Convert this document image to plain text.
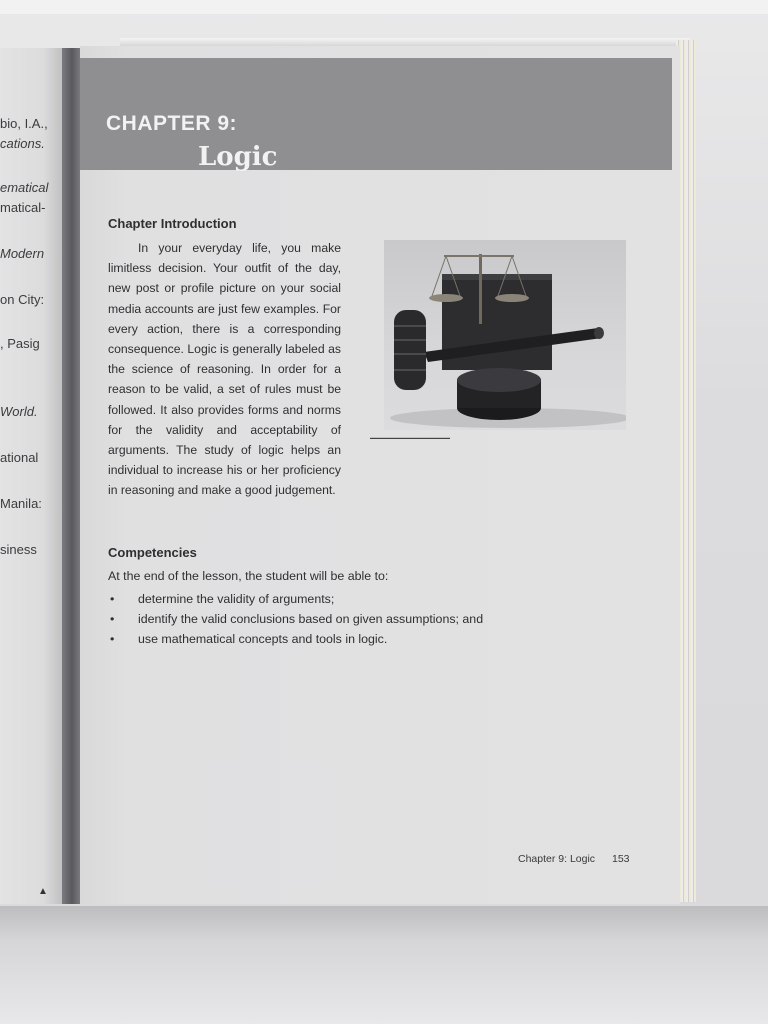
bio, I.A.,
cations.
ematical
matical-
Modern
on City:
, Pasig
World.
ational
Manila:
siness
▲
CHAPTER 9:
Logic
Chapter Introduction

In your everyday life, you make limitless decision. Your outfit of the day, new post or profile picture on your social media accounts are just few examples. For every action, there is a corresponding consequence. Logic is generally labeled as the science of reasoning. In order for a reason to be valid, a set of rules must be followed. It also provides forms and norms for the validity and acceptability of arguments. The study of logic helps an individual to increase his or her proficiency in reasoning and make a good judgement.

▬▬▬▬▬▬▬▬▬▬▬▬▬▬▬▬▬▬▬▬
Competencies
At the end of the lesson, the student will be able to:
• determine the validity of arguments;
• identify the valid conclusions based on given assumptions; and
• use mathematical concepts and tools in logic.
Chapter 9: Logic 153
